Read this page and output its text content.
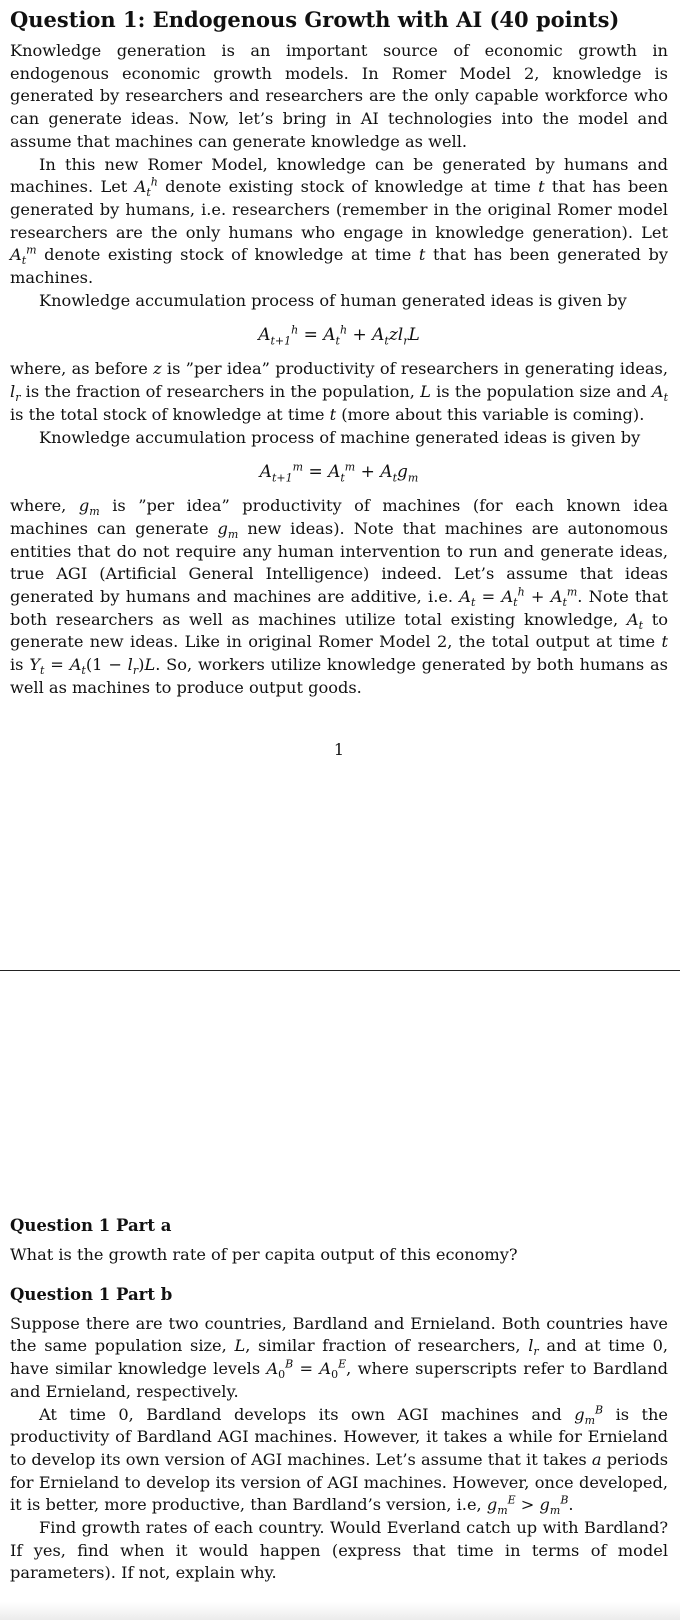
Question 1: Endogenous Growth with AI (40 points)

Knowledge generation is an important source of economic growth in endogenous economic growth models. In Romer Model 2, knowledge is generated by researchers and researchers are the only capable workforce who can generate ideas. Now, let’s bring in AI technologies into the model and assume that machines can generate knowledge as well.

In this new Romer Model, knowledge can be generated by humans and machines. Let $A_t^h$ denote existing stock of knowledge at time t that has been generated by humans, i.e. researchers (remember in the original Romer model researchers are the only humans who engage in knowledge generation). Let $A_t^m$ denote existing stock of knowledge at time t that has been generated by machines.

Knowledge accumulation process of human generated ideas is given by

$A_{t+1}^h = A_t^h + A_tzl_rL$

where, as before z is ”per idea” productivity of researchers in generating ideas, $l_r$ is the fraction of researchers in the population, L is the population size and $A_t$ is the total stock of knowledge at time t (more about this variable is coming).

Knowledge accumulation process of machine generated ideas is given by

$A_{t+1}^m = A_t^m + A_tg_m$

where, $g_m$ is ”per idea” productivity of machines (for each known idea machines can generate $g_m$ new ideas). Note that machines are autonomous entities that do not require any human intervention to run and generate ideas, true AGI (Artificial General Intelligence) indeed. Let’s assume that ideas generated by humans and machines are additive, i.e. $A_t = A_t^h + A_t^m$. Note that both researchers as well as machines utilize total existing knowledge, $A_t$ to generate new ideas. Like in original Romer Model 2, the total output at time t is $Y_t = A_t(1 - l_r)L$. So, workers utilize knowledge generated by both humans as well as machines to produce output goods.

1
Question 1 Part a

What is the growth rate of per capita output of this economy?

Question 1 Part b

Suppose there are two countries, Bardland and Ernieland. Both countries have the same population size, L, similar fraction of researchers, $l_r$ and at time 0, have similar knowledge levels $A_0^B = A_0^E$, where superscripts refer to Bardland and Ernieland, respectively.

At time 0, Bardland develops its own AGI machines and $g_m^B$ is the productivity of Bardland AGI machines. However, it takes a while for Ernieland to develop its own version of AGI machines. Let’s assume that it takes a periods for Ernieland to develop its version of AGI machines. However, once developed, it is better, more productive, than Bardland’s version, i.e, $g_m^E > g_m^B$.

Find growth rates of each country. Would Everland catch up with Bardland? If yes, find when it would happen (express that time in terms of model parameters). If not, explain why.
